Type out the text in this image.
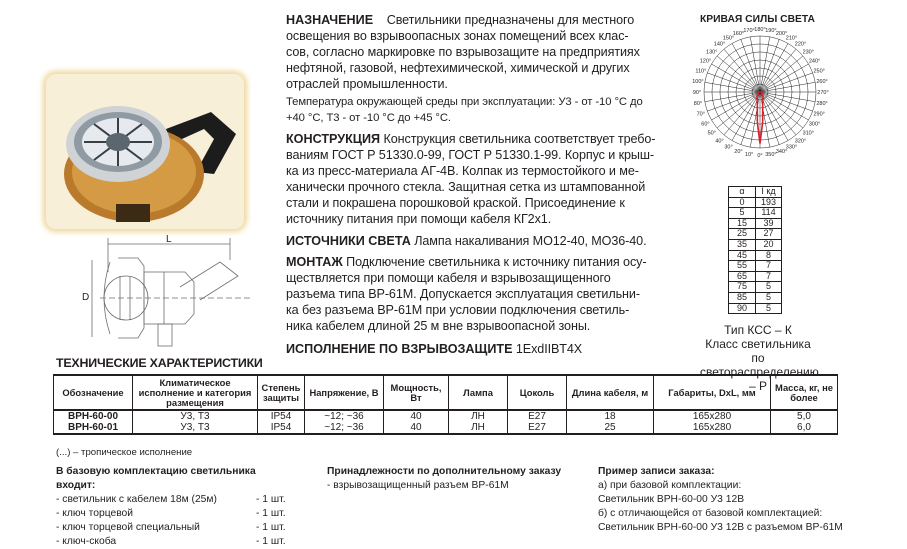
L
D
НАЗНАЧЕНИЕ Светильники предназначены для местного
освещения во взрывоопасных зонах помещений всех клас-
сов, согласно маркировке по взрывозащите на предприятиях
нефтяной, газовой, нефтехимической, химической и других
отраслей промышленности.
Температура окружающей среды при эксплуатации: У3 - от -10 °С до
+40 °С, Т3 - от -10 °С до +45 °С.
КОНСТРУКЦИЯ Конструкция светильника соответствует требо-
ваниям ГОСТ Р 51330.0-99, ГОСТ Р 51330.1-99. Корпус и крыш-
ка из пресс-материала АГ-4В. Колпак из термостойкого и ме-
ханически прочного стекла. Защитная сетка из штампованной
стали и покрашена порошковой краской. Присоединение к
источнику питания при помощи кабеля КГ2х1.
ИСТОЧНИКИ СВЕТА Лампа накаливания МО12-40, МО36-40.
МОНТАЖ Подключение светильника к источнику питания осу-
ществляется при помощи кабеля и взрывозащищенного
разъема типа ВР-61М. Допускается эксплуатация светильни-
ка без разъема ВР-61М при условии подключения светиль-
ника кабелем длиной 25 м вне взрывоопасной зоны.
ИСПОЛНЕНИЕ ПО ВЗРЫВОЗАЩИТЕ 1ExdIIBT4X
КРИВАЯ СИЛЫ СВЕТА
0°
10°
20°
30°
40°
50°
60°
70°
80°
90°
100°
110°
120°
130°
140°
150°
160° 170° 180° 190° 200°
210°
220°
230°
240°
250°
260°
270°
280°
290°
300°
310°
320°
330°
340°
350°
α	I кд
0	193
5	114
15	39
25	27
35	20
45	8
55	7
65	7
75	5
85	5
90	5
Тип КСС – К
Класс светильника по
светораспределению – Р
ТЕХНИЧЕСКИЕ ХАРАКТЕРИСТИКИ
Обозначение	Климатическое исполнение и категория размещения	Степень защиты	Напряжение, В	Мощность, Вт	Лампа	Цоколь	Длина кабеля, м	Габариты, DxL, мм	Масса, кг, не более
ВРН-60-00	У3, Т3	IP54	~12; ~36	40	ЛН	Е27	18	165x280	5,0
ВРН-60-01	У3, Т3	IP54	~12; ~36	40	ЛН	Е27	25	165x280	6,0
(...) – тропическое исполнение
В базовую комплектацию светильника входит:
- светильник с кабелем 18м (25м)	- 1 шт.
- ключ торцевой	- 1 шт.
- ключ торцевой специальный	- 1 шт.
- ключ-скоба	- 1 шт.
Принадлежности по дополнительному заказу
- взрывозащищенный разъем ВР-61М
Пример записи заказа:
а) при базовой комплектации:
Светильник ВРН-60-00 У3 12В
б) с отличающейся от базовой комплектацией:
Светильник ВРН-60-00 У3 12В с разъемом ВР-61М
